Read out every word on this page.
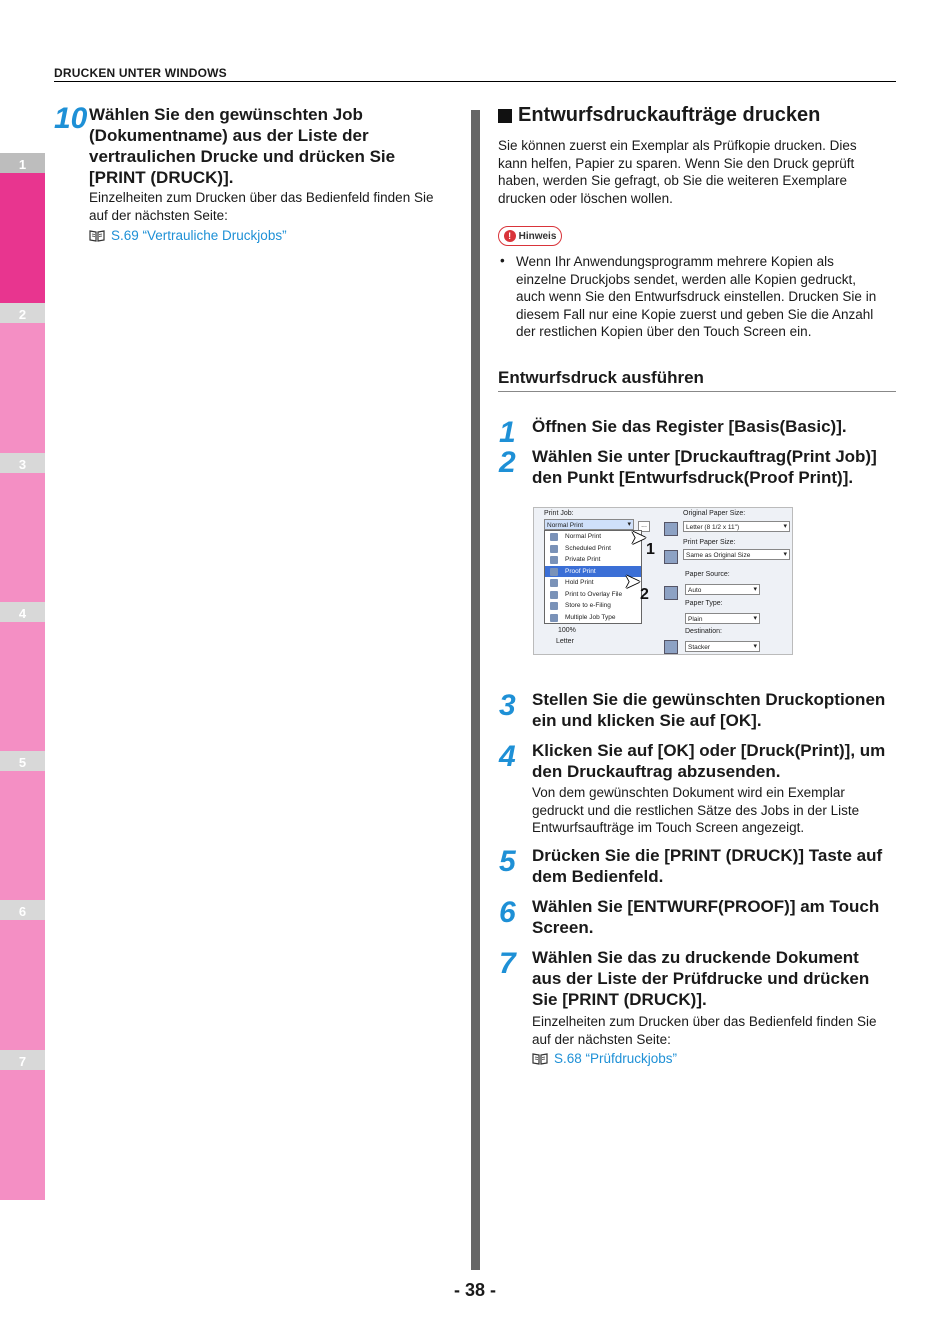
DRUCKEN UNTER WINDOWS
1
2
3
4
5
6
7
10 Wählen Sie den gewünschten Job
(Dokumentname) aus der Liste der
vertraulichen Drucke und drücken Sie
[PRINT (DRUCK)].
Einzelheiten zum Drucken über das Bedienfeld finden Sie
auf der nächsten Seite:
S.69 “Vertrauliche Druckjobs”
Entwurfsdruckaufträge drucken
Sie können zuerst ein Exemplar als Prüfkopie drucken. Dies
kann helfen, Papier zu sparen. Wenn Sie den Druck geprüft
haben, werden Sie gefragt, ob Sie die weiteren Exemplare
drucken oder löschen wollen.
! Hinweis
• Wenn Ihr Anwendungsprogramm mehrere Kopien als
einzelne Druckjobs sendet, werden alle Kopien gedruckt,
auch wenn Sie den Entwurfsdruck einstellen. Drucken Sie in
diesem Fall nur eine Kopie zuerst und geben Sie die Anzahl
der restlichen Kopien über den Touch Screen ein.
Entwurfsdruck ausführen
1 Öffnen Sie das Register [Basis(Basic)].
2 Wählen Sie unter [Druckauftrag(Print Job)]
den Punkt [Entwurfsdruck(Proof Print)].
Print Job:
Normal Print ▾	...
Normal Print
Scheduled Print
Private Print
Proof Print
Hold Print
Print to Overlay File
Store to e-Filing
Multiple Job Type
100%
Letter
Original Paper Size:
Letter (8 1/2 x 11") ▾
Print Paper Size:
Same as Original Size ▾
Paper Source:
Auto ▾
Paper Type:
Plain ▾
Destination:
Stacker ▾
➤
1
➤
2
3 Stellen Sie die gewünschten Druckoptionen
ein und klicken Sie auf [OK].
4 Klicken Sie auf [OK] oder [Druck(Print)], um
den Druckauftrag abzusenden.
Von dem gewünschten Dokument wird ein Exemplar
gedruckt und die restlichen Sätze des Jobs in der Liste
Entwurfsaufträge im Touch Screen angezeigt.
5 Drücken Sie die [PRINT (DRUCK)] Taste auf
dem Bedienfeld.
6 Wählen Sie [ENTWURF(PROOF)] am Touch
Screen.
7 Wählen Sie das zu druckende Dokument
aus der Liste der Prüfdrucke und drücken
Sie [PRINT (DRUCK)].
Einzelheiten zum Drucken über das Bedienfeld finden Sie
auf der nächsten Seite:
S.68 “Prüfdruckjobs”
- 38 -
